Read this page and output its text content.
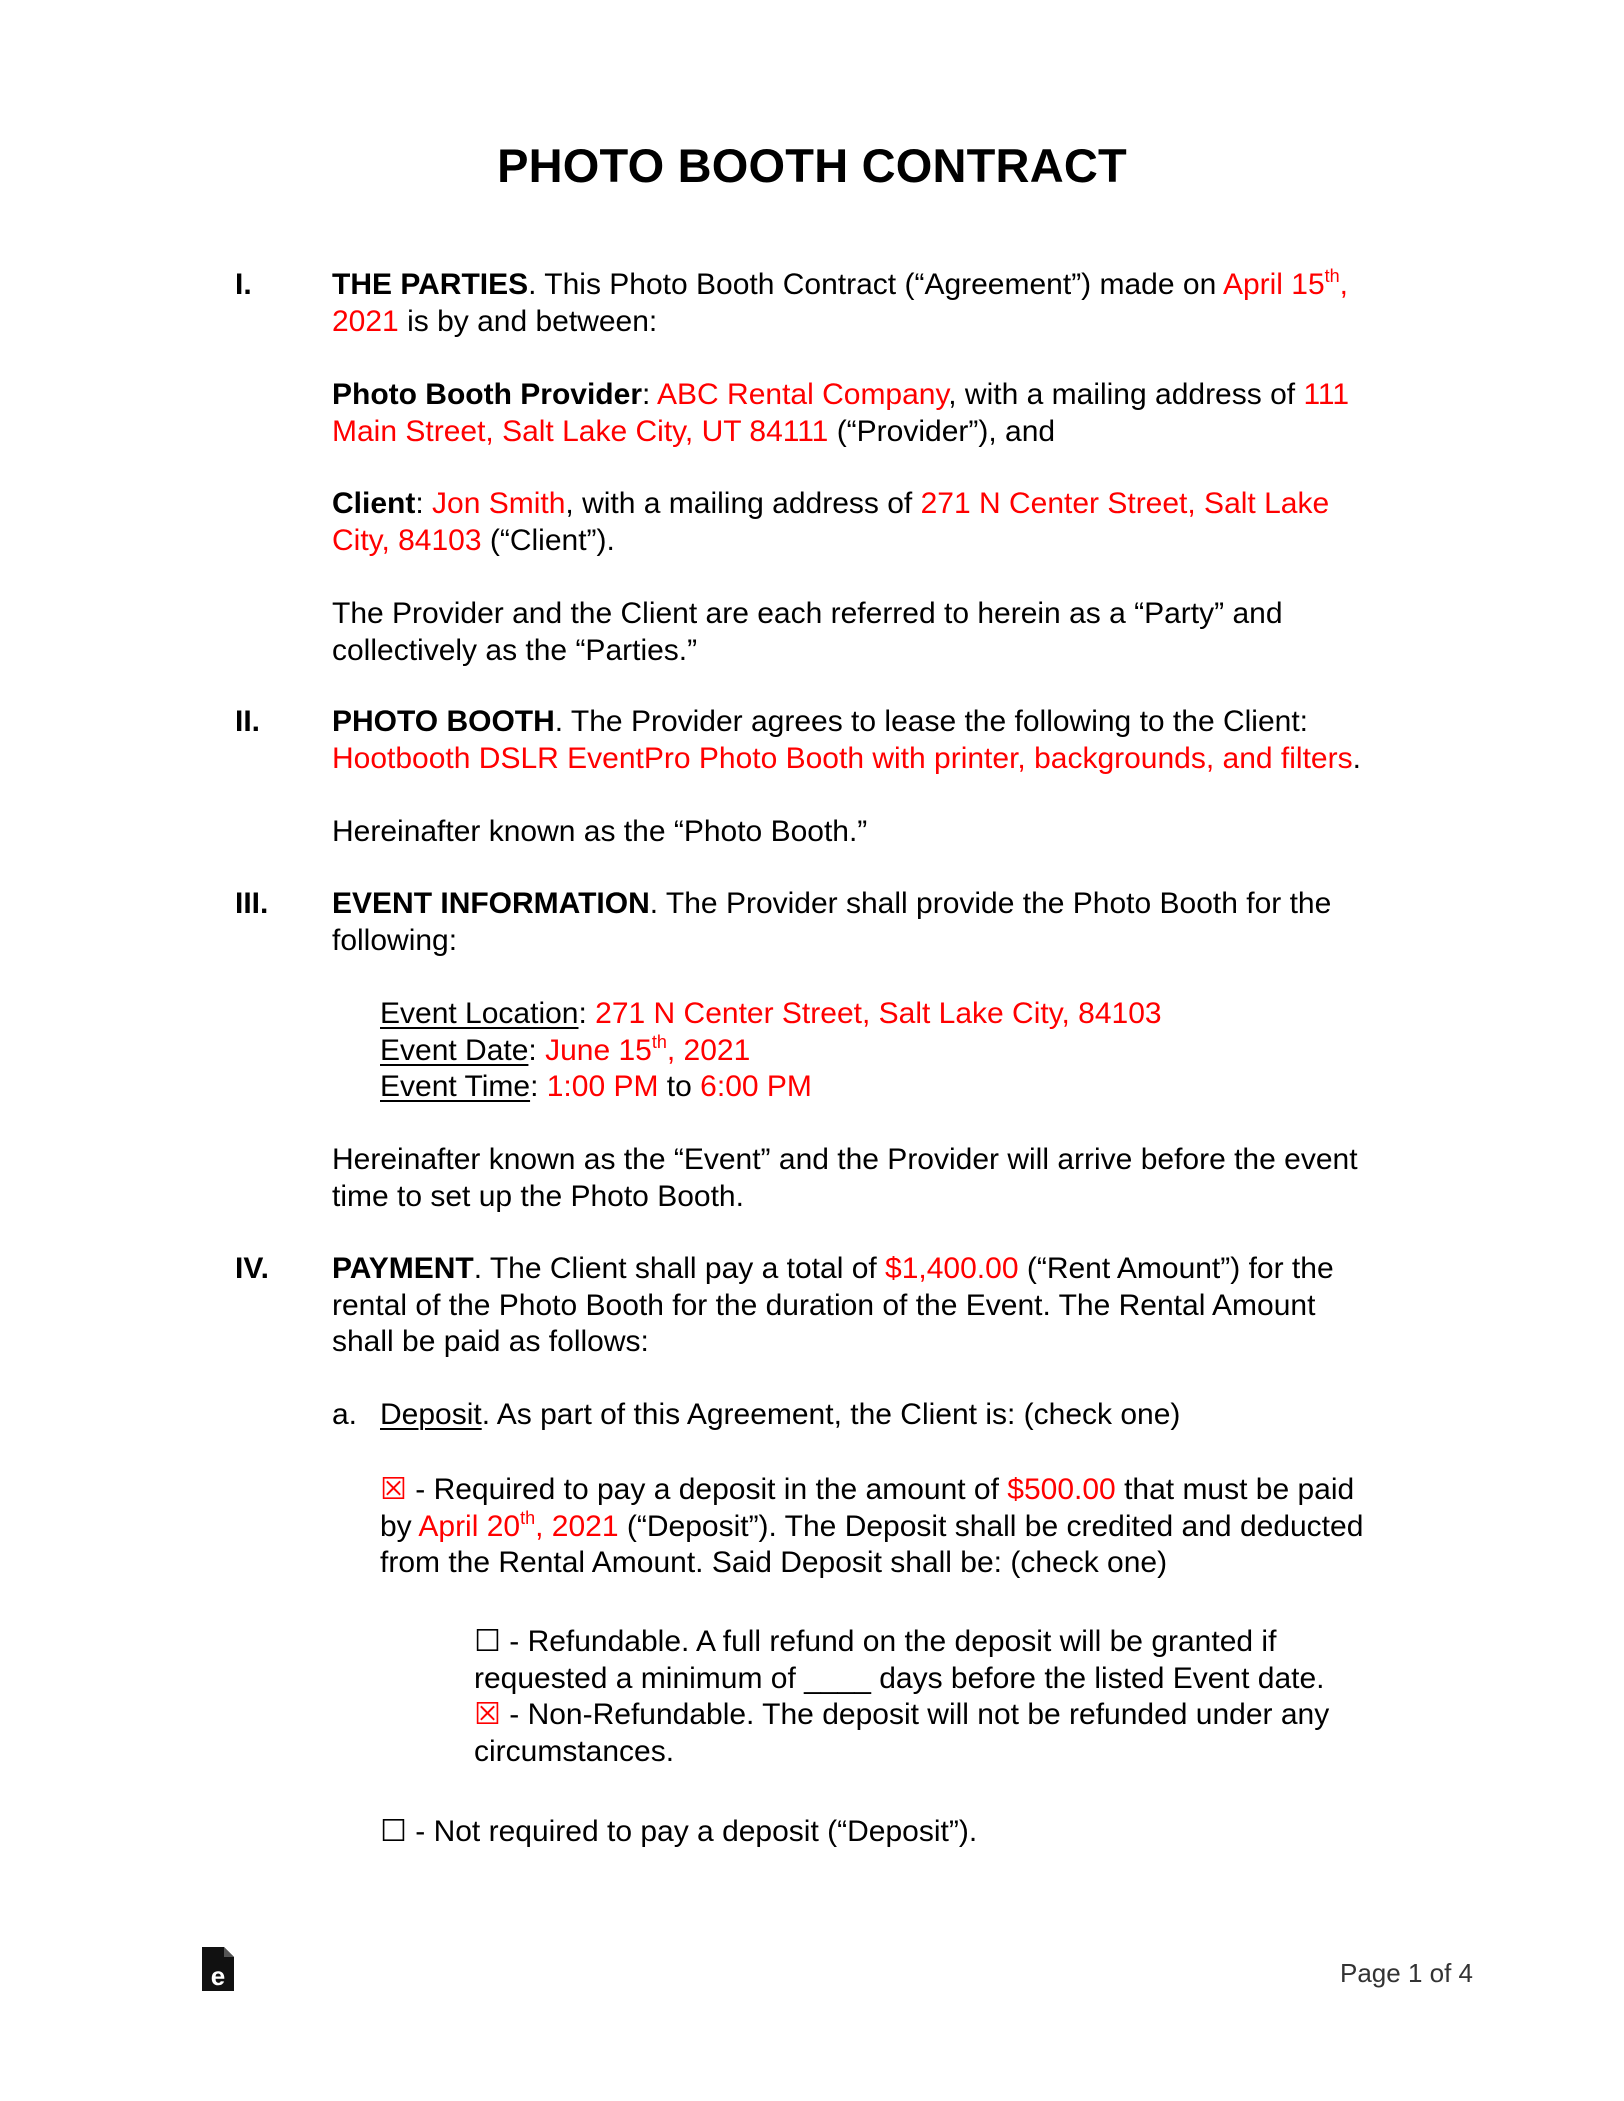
PHOTO BOOTH CONTRACT
I.	THE PARTIES. This Photo Booth Contract (“Agreement”) made on April 15th,
2021 is by and between:
Photo Booth Provider: ABC Rental Company, with a mailing address of 111
Main Street, Salt Lake City, UT 84111 (“Provider”), and
Client: Jon Smith, with a mailing address of 271 N Center Street, Salt Lake
City, 84103 (“Client”).
The Provider and the Client are each referred to herein as a “Party” and
collectively as the “Parties.”
II. PHOTO BOOTH. The Provider agrees to lease the following to the Client:
Hootbooth DSLR EventPro Photo Booth with printer, backgrounds, and filters.
Hereinafter known as the “Photo Booth.”
III. EVENT INFORMATION. The Provider shall provide the Photo Booth for the
following:
Event Location: 271 N Center Street, Salt Lake City, 84103
Event Date: June 15th, 2021
Event Time: 1:00 PM to 6:00 PM
Hereinafter known as the “Event” and the Provider will arrive before the event
time to set up the Photo Booth.
IV. PAYMENT. The Client shall pay a total of $1,400.00 (“Rent Amount”) for the
rental of the Photo Booth for the duration of the Event. The Rental Amount
shall be paid as follows:
a. Deposit. As part of this Agreement, the Client is: (check one)
☒ - Required to pay a deposit in the amount of $500.00 that must be paid
by April 20th, 2021 (“Deposit”). The Deposit shall be credited and deducted
from the Rental Amount. Said Deposit shall be: (check one)
☐ - Refundable. A full refund on the deposit will be granted if
requested a minimum of ____ days before the listed Event date.
☒ - Non-Refundable. The deposit will not be refunded under any
circumstances.
☐ - Not required to pay a deposit (“Deposit”).
e	Page 1 of 4
